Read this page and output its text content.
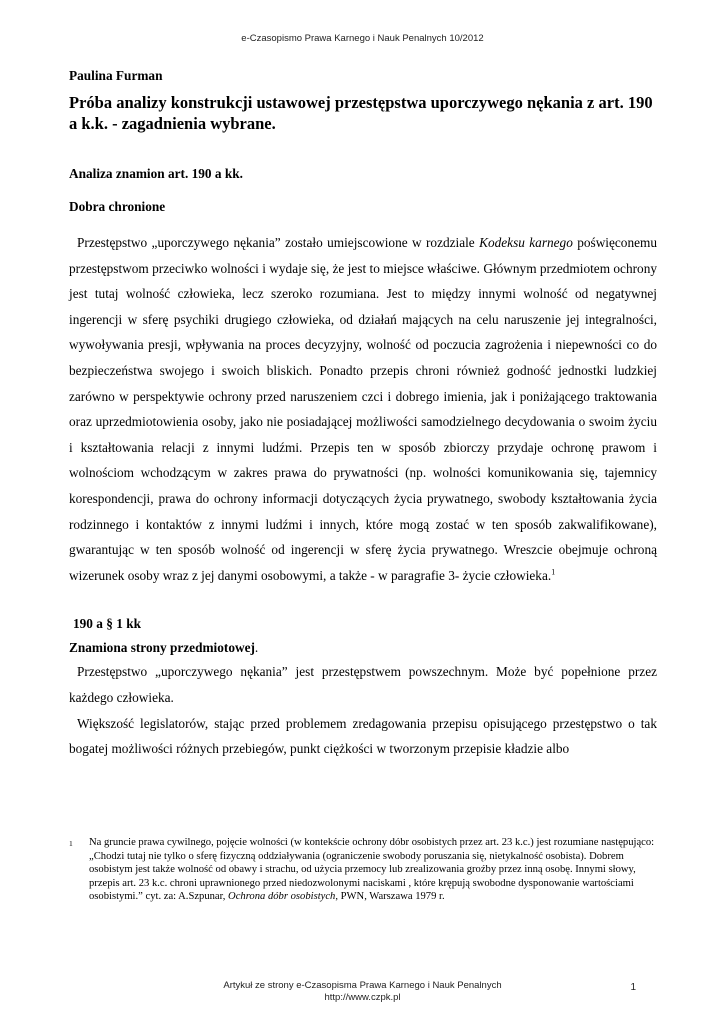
e-Czasopismo Prawa Karnego i Nauk Penalnych 10/2012
Paulina Furman
Próba analizy konstrukcji ustawowej przestępstwa uporczywego nękania z art. 190 a k.k. - zagadnienia wybrane.
Analiza znamion art. 190 a kk.
Dobra chronione

Przestępstwo „uporczywego nękania” zostało umiejscowione w rozdziale Kodeksu karnego poświęconemu przestępstwom przeciwko wolności i wydaje się, że jest to miejsce właściwe. Głównym przedmiotem ochrony jest tutaj wolność człowieka, lecz szeroko rozumiana. Jest to między innymi wolność od negatywnej ingerencji w sferę psychiki drugiego człowieka, od działań mających na celu naruszenie jej integralności, wywoływania presji, wpływania na proces decyzyjny, wolność od poczucia zagrożenia i niepewności co do bezpieczeństwa swojego i swoich bliskich. Ponadto przepis chroni również godność jednostki ludzkiej zarówno w perspektywie ochrony przed naruszeniem czci i dobrego imienia, jak i poniżającego traktowania oraz uprzedmiotowienia osoby, jako nie posiadającej możliwości samodzielnego decydowania o swoim życiu i kształtowania relacji z innymi ludźmi. Przepis ten w sposób zbiorczy przydaje ochronę prawom i wolnościom wchodzącym w zakres prawa do prywatności (np. wolności komunikowania się, tajemnicy korespondencji, prawa do ochrony informacji dotyczących życia prywatnego, swobody kształtowania życia rodzinnego i kontaktów z innymi ludźmi i innych, które mogą zostać w ten sposób zakwalifikowane), gwarantując w ten sposób wolność od ingerencji w sferę życia prywatnego. Wreszcie obejmuje ochroną wizerunek osoby wraz z jej danymi osobowymi, a także - w paragrafie 3- życie człowieka.$^1$

190 a § 1 kk
Znamiona strony przedmiotowej.

Przestępstwo „uporczywego nękania” jest przestępstwem powszechnym. Może być popełnione przez każdego człowieka.

Większość legislatorów, stając przed problemem zredagowania przepisu opisującego przestępstwo o tak bogatej możliwości różnych przebiegów, punkt ciężkości w tworzonym przepisie kładzie albo

1	Na gruncie prawa cywilnego, pojęcie wolności (w kontekście ochrony dóbr osobistych przez art. 23 k.c.) jest rozumiane następująco: „Chodzi tutaj nie tylko o sferę fizyczną oddziaływania (ograniczenie swobody poruszania się, nietykalność osobista). Dobrem osobistym jest także wolność od obawy i strachu, od użycia przemocy lub zrealizowania groźby przez inną osobę. Innymi słowy, przepis art. 23 k.c. chroni uprawnionego przed niedozwolonymi naciskami , które krępują swobodne dysponowanie wartościami osobistymi.” cyt. za: A.Szpunar, Ochrona dóbr osobistych, PWN, Warszawa 1979 r.
Artykuł ze strony e-Czasopisma Prawa Karnego i Nauk Penalnych
http://www.czpk.pl
1
